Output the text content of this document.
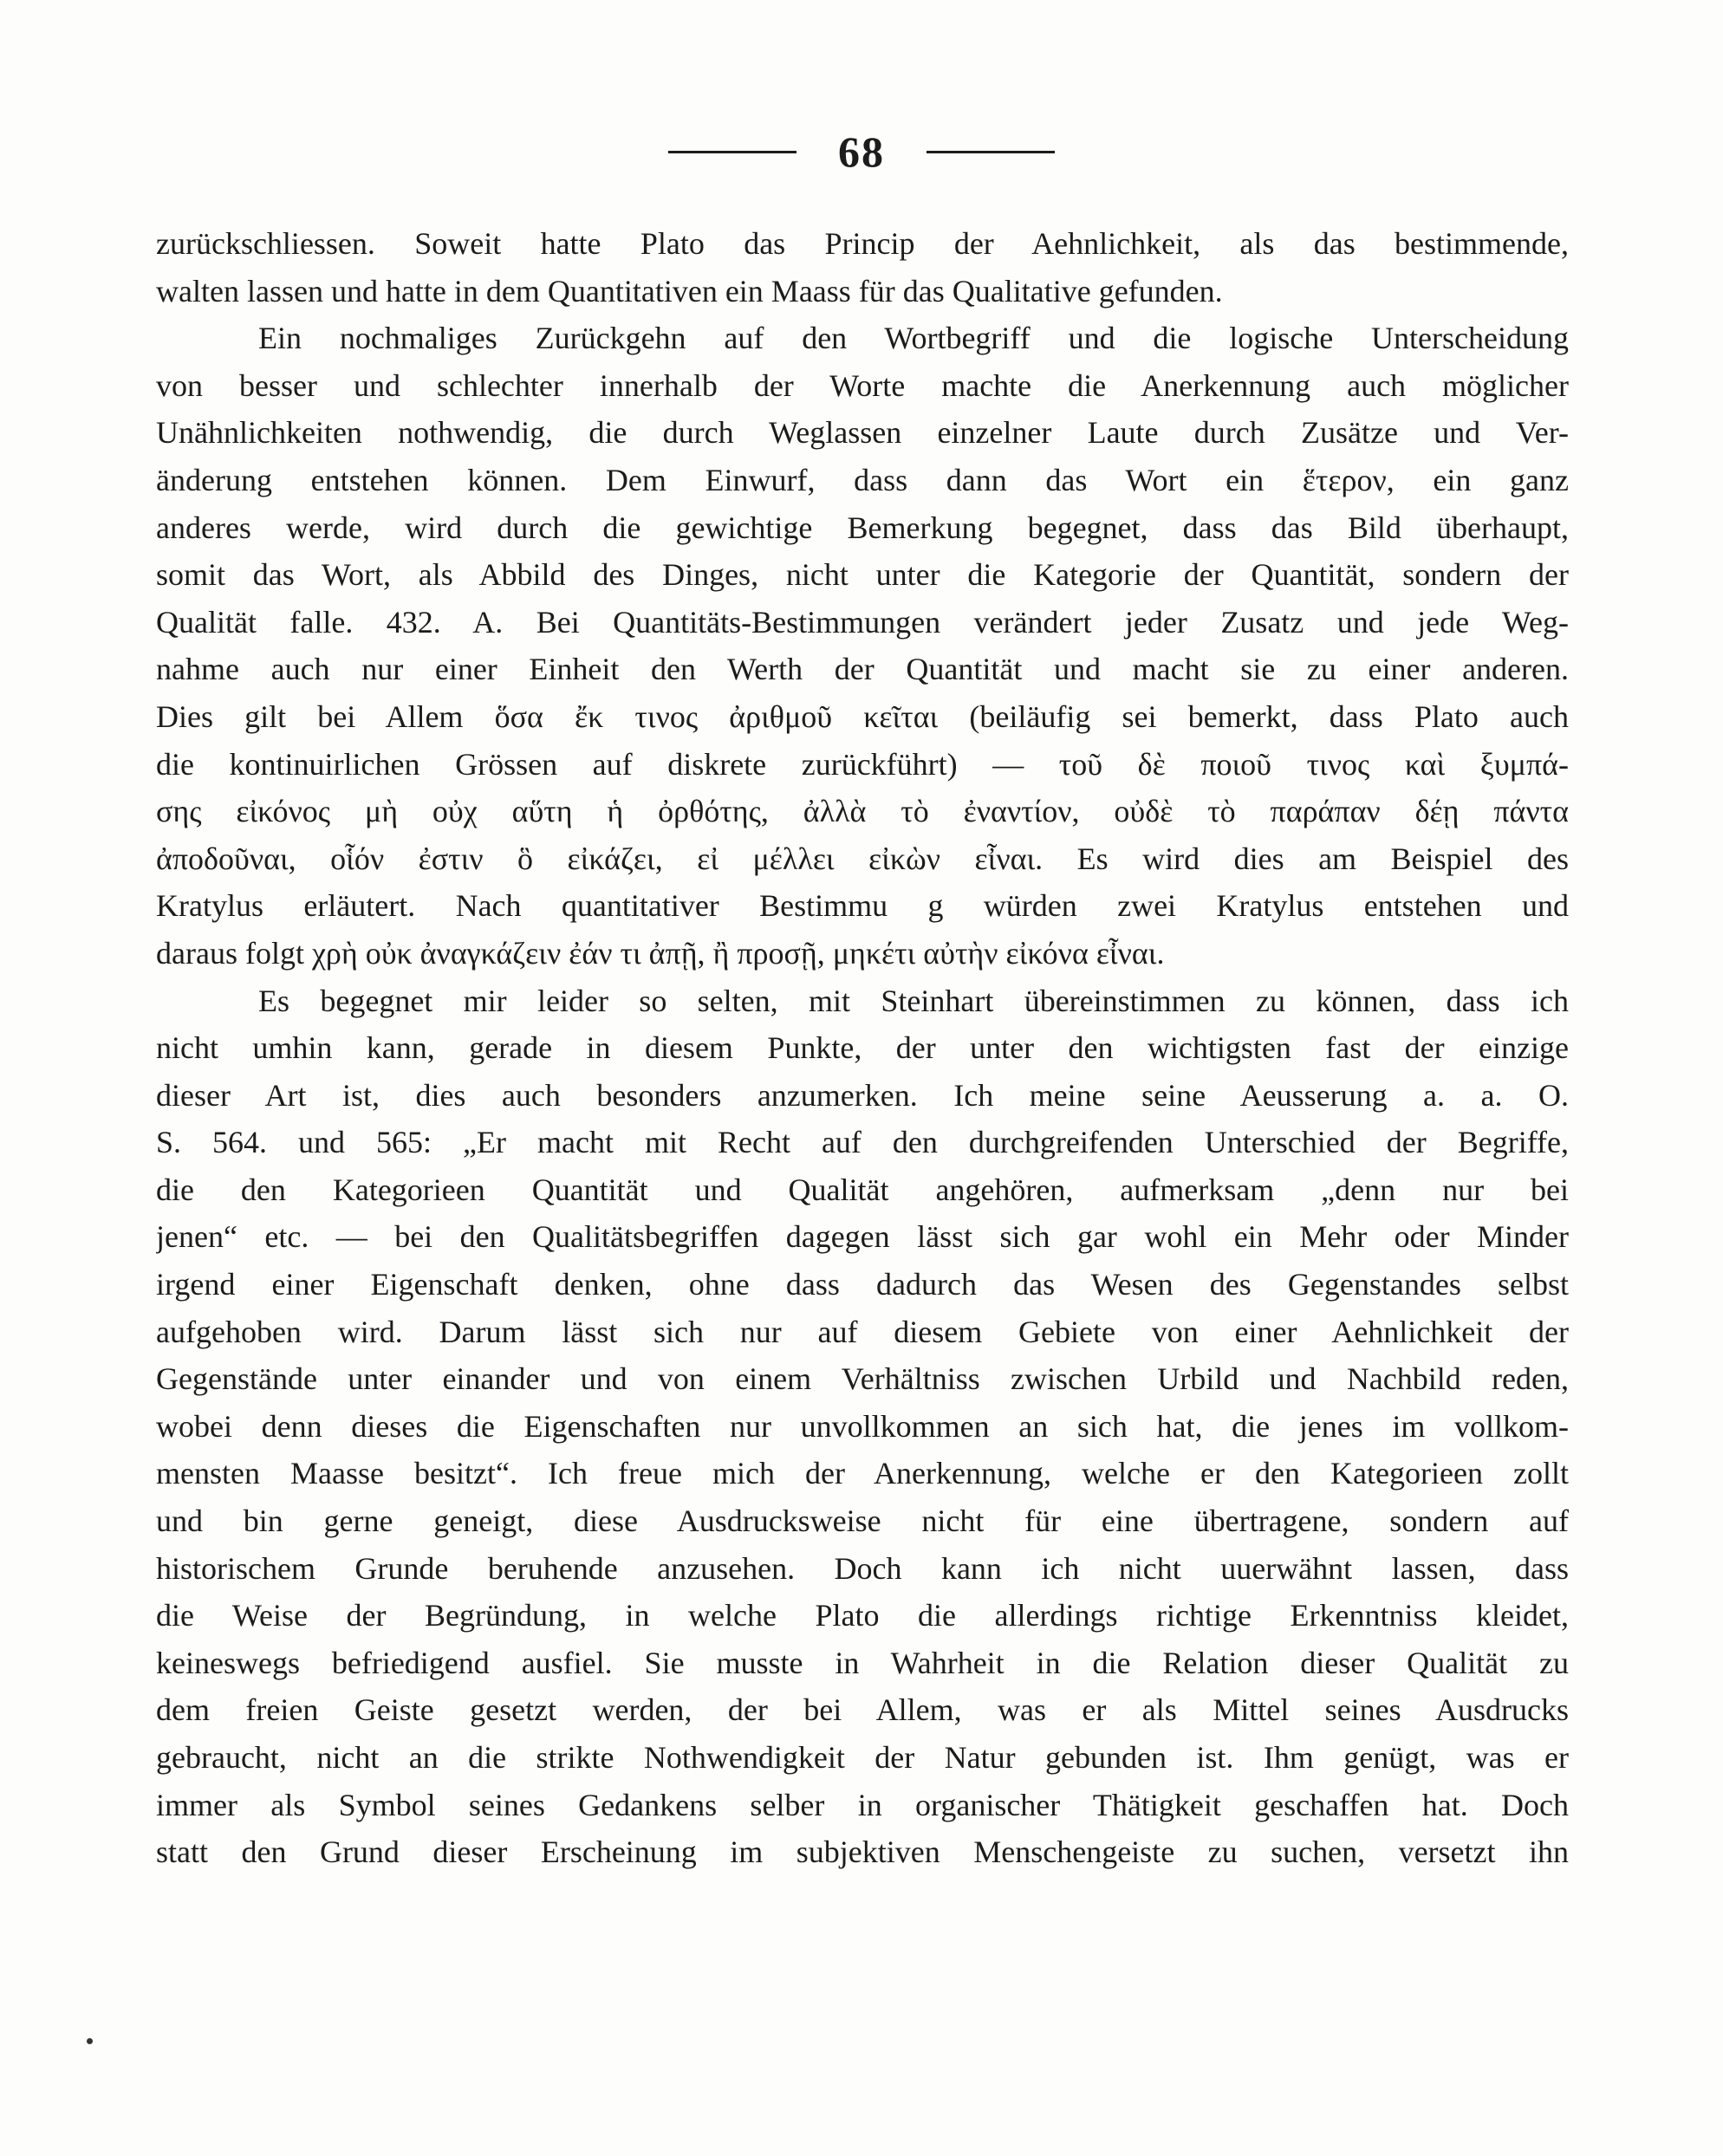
68
zurückschliessen. Soweit hatte Plato das Princip der Aehnlichkeit, als das bestimmende,
walten lassen und hatte in dem Quantitativen ein Maass für das Qualitative gefunden.
Ein nochmaliges Zurückgehn auf den Wortbegriff und die logische Unterscheidung
von besser und schlechter innerhalb der Worte machte die Anerkennung auch möglicher
Unähnlichkeiten nothwendig, die durch Weglassen einzelner Laute durch Zusätze und Ver-
änderung entstehen können. Dem Einwurf, dass dann das Wort ein ἕτερον, ein ganz
anderes werde, wird durch die gewichtige Bemerkung begegnet, dass das Bild überhaupt,
somit das Wort, als Abbild des Dinges, nicht unter die Kategorie der Quantität, sondern der
Qualität falle. 432. A. Bei Quantitäts-Bestimmungen verändert jeder Zusatz und jede Weg-
nahme auch nur einer Einheit den Werth der Quantität und macht sie zu einer anderen.
Dies gilt bei Allem ὅσα ἔκ τινος ἀριθμοῦ κεῖται (beiläufig sei bemerkt, dass Plato auch
die kontinuirlichen Grössen auf diskrete zurückführt) — τοῦ δὲ ποιοῦ τινος καὶ ξυμπά-
σης εἰκόνος μὴ οὐχ αὕτη ἡ ὀρθότης, ἀλλὰ τὸ ἐναντίον, οὐδὲ τὸ παράπαν δέῃ πάντα
ἀποδοῦναι, οἷόν ἐστιν ὃ εἰκάζει, εἰ μέλλει εἰκὼν εἶναι. Es wird dies am Beispiel des
Kratylus erläutert. Nach quantitativer Bestimmu g würden zwei Kratylus entstehen und
daraus folgt χρὴ οὐκ ἀναγκάζειν ἐάν τι ἀπῇ, ἢ προσῇ, μηκέτι αὐτὴν εἰκόνα εἶναι.
Es begegnet mir leider so selten, mit Steinhart übereinstimmen zu können, dass ich
nicht umhin kann, gerade in diesem Punkte, der unter den wichtigsten fast der einzige
dieser Art ist, dies auch besonders anzumerken. Ich meine seine Aeusserung a. a. O.
S. 564. und 565: „Er macht mit Recht auf den durchgreifenden Unterschied der Begriffe,
die den Kategorieen Quantität und Qualität angehören, aufmerksam „denn nur bei
jenen“ etc. — bei den Qualitätsbegriffen dagegen lässt sich gar wohl ein Mehr oder Minder
irgend einer Eigenschaft denken, ohne dass dadurch das Wesen des Gegenstandes selbst
aufgehoben wird. Darum lässt sich nur auf diesem Gebiete von einer Aehnlichkeit der
Gegenstände unter einander und von einem Verhältniss zwischen Urbild und Nachbild reden,
wobei denn dieses die Eigenschaften nur unvollkommen an sich hat, die jenes im vollkom-
mensten Maasse besitzt“. Ich freue mich der Anerkennung, welche er den Kategorieen zollt
und bin gerne geneigt, diese Ausdrucksweise nicht für eine übertragene, sondern auf
historischem Grunde beruhende anzusehen. Doch kann ich nicht uuerwähnt lassen, dass
die Weise der Begründung, in welche Plato die allerdings richtige Erkenntniss kleidet,
keineswegs befriedigend ausfiel. Sie musste in Wahrheit in die Relation dieser Qualität zu
dem freien Geiste gesetzt werden, der bei Allem, was er als Mittel seines Ausdrucks
gebraucht, nicht an die strikte Nothwendigkeit der Natur gebunden ist. Ihm genügt, was er
immer als Symbol seines Gedankens selber in organischer Thätigkeit geschaffen hat. Doch
statt den Grund dieser Erscheinung im subjektiven Menschengeiste zu suchen, versetzt ihn
